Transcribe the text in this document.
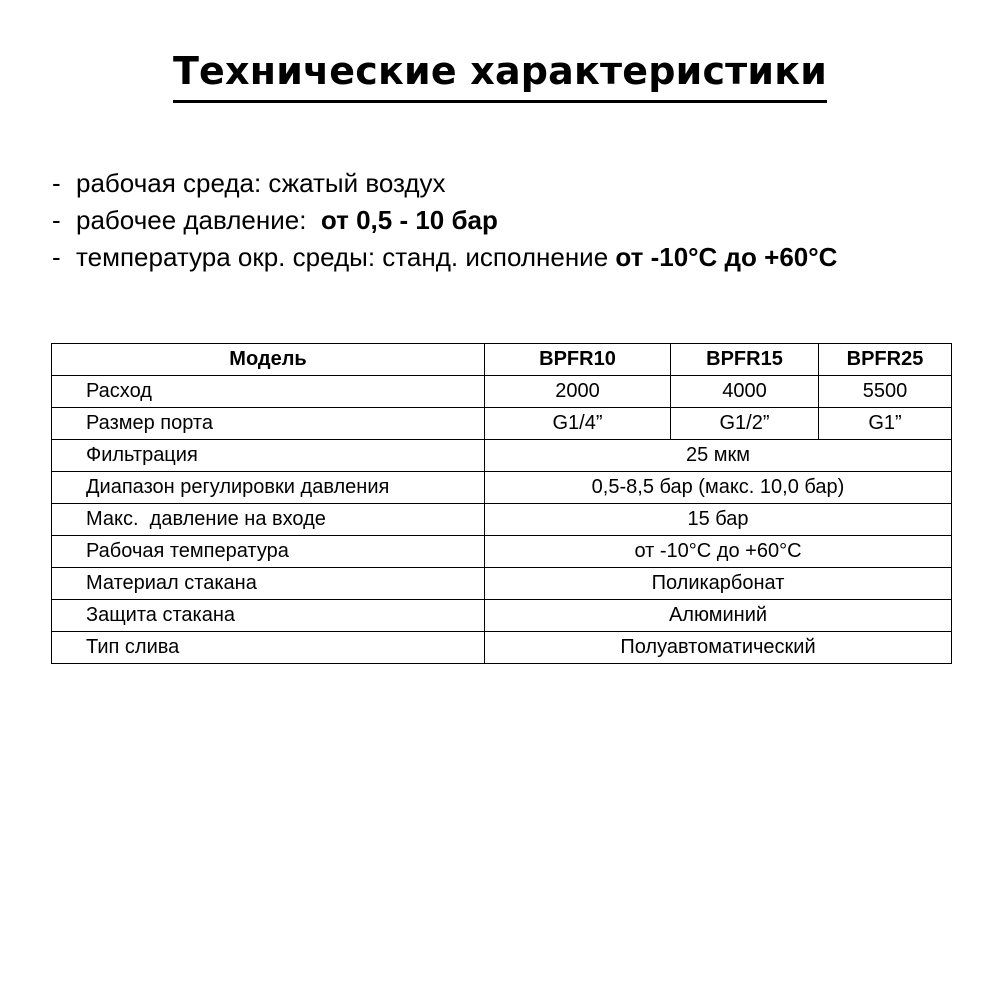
Технические характеристики
- рабочая среда: сжатый воздух
- рабочее давление:  от 0,5 - 10 бар
- температура окр. среды: станд. исполнение от -10°С до +60°С
Модель	BPFR10	BPFR15	BPFR25
Расход	2000	4000	5500
Размер порта	G1/4”	G1/2”	G1”
Фильтрация	25 мкм		
Диапазон регулировки давления	0,5-8,5 бар (макс. 10,0 бар)		
Макс.  давление на входе	15 бар		
Рабочая температура	от -10°С до +60°С		
Материал стакана	Поликарбонат		
Защита стакана	Алюминий		
Тип слива	Полуавтоматический		
